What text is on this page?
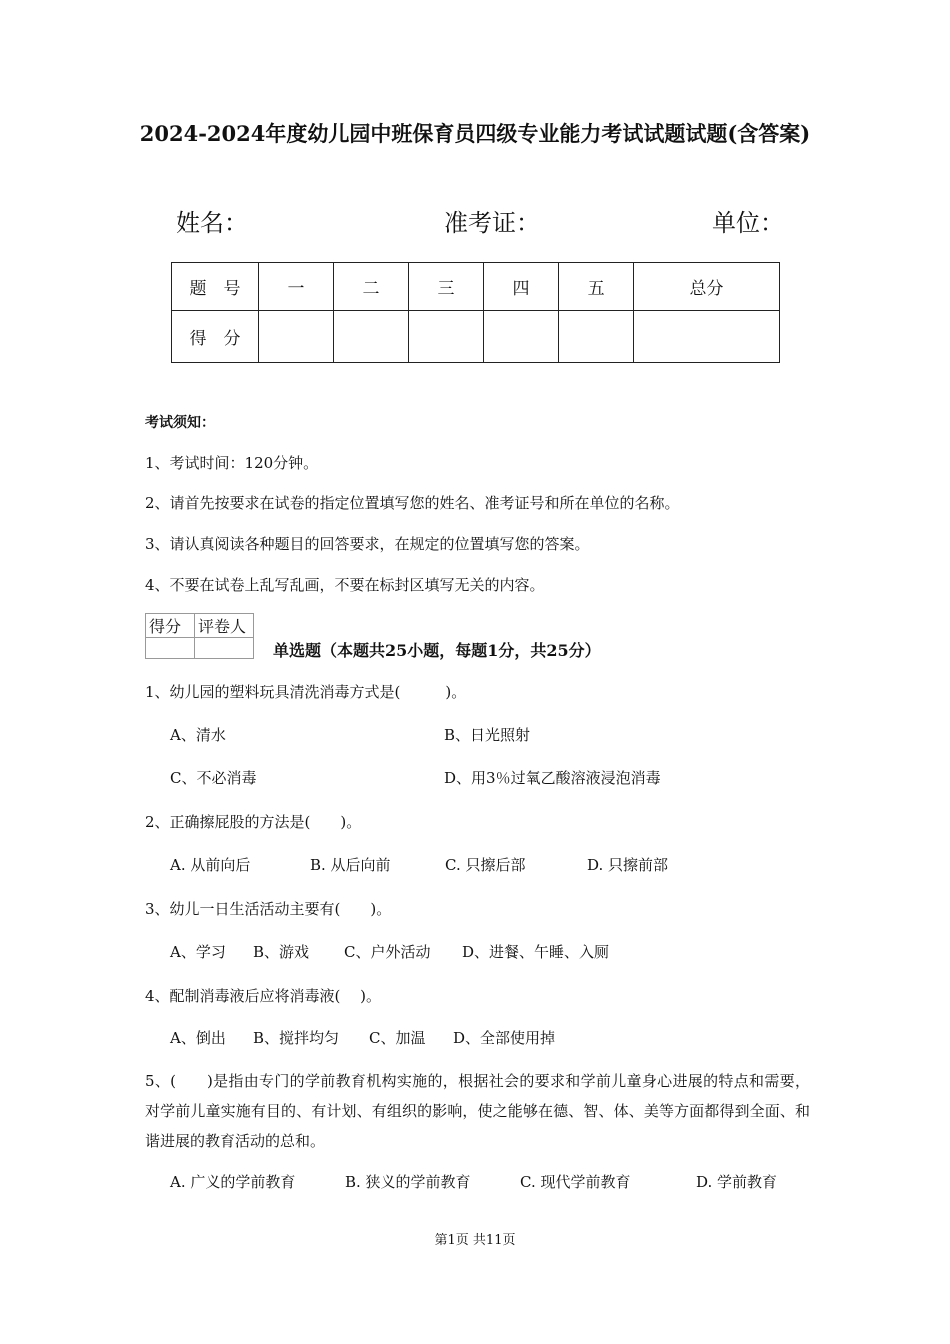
2024-2024年度幼儿园中班保育员四级专业能力考试试题试题(含答案)
姓名：	准考证：	单位：
题　号	一	二	三	四	五	总分
得　分						
考试须知：
1、考试时间：120分钟。
2、请首先按要求在试卷的指定位置填写您的姓名、准考证号和所在单位的名称。
3、请认真阅读各种题目的回答要求，在规定的位置填写您的答案。
4、不要在试卷上乱写乱画，不要在标封区填写无关的内容。
得分	评卷人

单选题（本题共25小题，每题1分，共25分）
1、幼儿园的塑料玩具清洗消毒方式是(　　　)。
A、清水	B、日光照射
C、不必消毒	D、用3％过氧乙酸溶液浸泡消毒
2、正确擦屁股的方法是(　　)。
A. 从前向后	B. 从后向前	C. 只擦后部	D. 只擦前部
3、幼儿一日生活活动主要有(　　)。
A、学习 B、游戏 C、户外活动 D、进餐、午睡、入厕
4、配制消毒液后应将消毒液(　 )。
A、倒出 B、搅拌均匀 C、加温 D、全部使用掉
5、(　　)是指由专门的学前教育机构实施的，根据社会的要求和学前儿童身心进展的特点和需要，对学前儿童实施有目的、有计划、有组织的影响，使之能够在德、智、体、美等方面都得到全面、和谐进展的教育活动的总和。
A. 广义的学前教育	B. 狭义的学前教育	C. 现代学前教育	D. 学前教育
第1页 共11页
